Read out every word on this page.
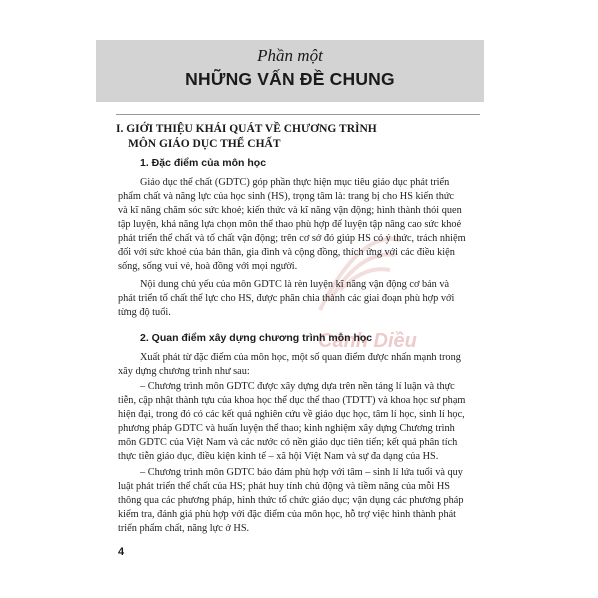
Phần một
NHỮNG VẤN ĐỀ CHUNG
I. GIỚI THIỆU KHÁI QUÁT VỀ CHƯƠNG TRÌNH
MÔN GIÁO DỤC THỂ CHẤT
Cánh Diều
1. Đặc điểm của môn học
Giáo dục thể chất (GDTC) góp phần thực hiện mục tiêu giáo dục phát triển
phẩm chất và năng lực của học sinh (HS), trọng tâm là: trang bị cho HS kiến thức
và kĩ năng chăm sóc sức khoẻ; kiến thức và kĩ năng vận động; hình thành thói quen
tập luyện, khả năng lựa chọn môn thể thao phù hợp để luyện tập nâng cao sức khoẻ
phát triển thể chất và tố chất vận động; trên cơ sở đó giúp HS có ý thức, trách nhiệm
đối với sức khoẻ của bản thân, gia đình và cộng đồng, thích ứng với các điều kiện
sống, sống vui vẻ, hoà đồng với mọi người.
Nội dung chủ yếu của môn GDTC là rèn luyện kĩ năng vận động cơ bản và
phát triển tố chất thể lực cho HS, được phân chia thành các giai đoạn phù hợp với
từng độ tuổi.
2. Quan điểm xây dựng chương trình môn học
Xuất phát từ đặc điểm của môn học, một số quan điểm được nhấn mạnh trong
xây dựng chương trình như sau:
– Chương trình môn GDTC được xây dựng dựa trên nền tảng lí luận và thực
tiễn, cập nhật thành tựu của khoa học thể dục thể thao (TDTT) và khoa học sư phạm
hiện đại, trong đó có các kết quả nghiên cứu về giáo dục học, tâm lí học, sinh lí học,
phương pháp GDTC và huấn luyện thể thao; kinh nghiệm xây dựng Chương trình
môn GDTC của Việt Nam và các nước có nền giáo dục tiên tiến; kết quả phân tích
thực tiễn giáo dục, điều kiện kinh tế – xã hội Việt Nam và sự đa dạng của HS.
– Chương trình môn GDTC bảo đảm phù hợp với tâm – sinh lí lứa tuổi và quy
luật phát triển thể chất của HS; phát huy tính chủ động và tiềm năng của mỗi HS
thông qua các phương pháp, hình thức tổ chức giáo dục; vận dụng các phương pháp
kiểm tra, đánh giá phù hợp với đặc điểm của môn học, hỗ trợ việc hình thành phát
triển phẩm chất, năng lực ở HS.
4
